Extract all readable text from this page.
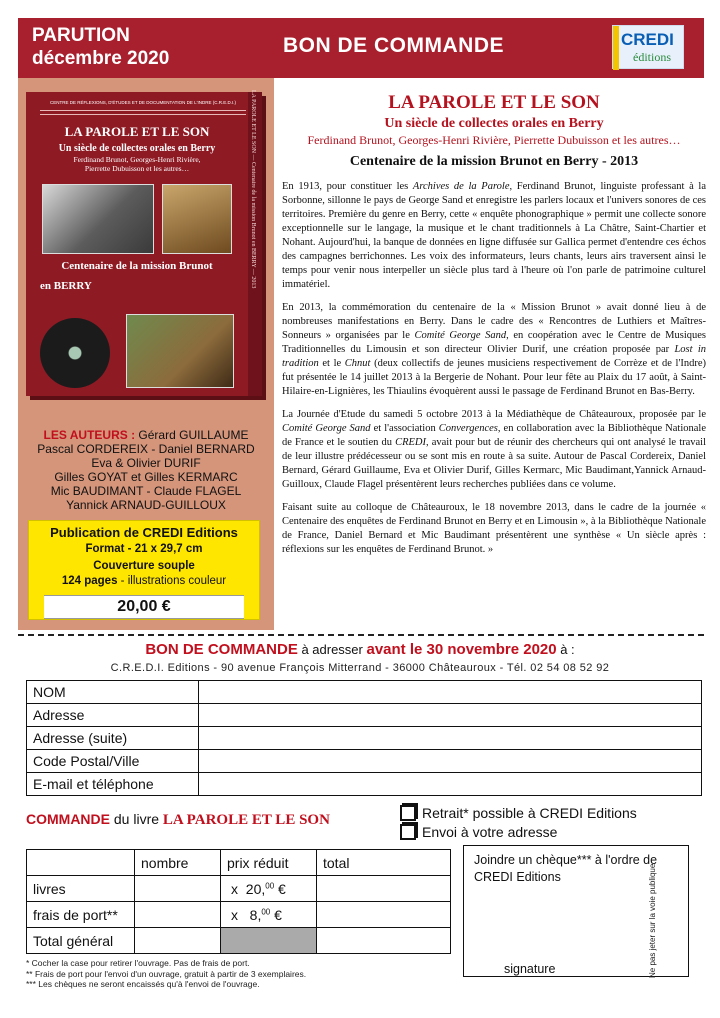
PARUTION
décembre 2020
BON DE COMMANDE	CREDI
éditions
LA PAROLE ET LE SON — Centenaire de la mission Brunot en BERRY — 2013
CENTRE DE RÉFLEXIONS, D'ÉTUDES ET DE DOCUMENTATION DE L'INDRE (C.R.E.D.I.)
LA PAROLE ET LE SON
Un siècle de collectes orales en Berry
Ferdinand Brunot, Georges-Henri Rivière,
Pierrette Dubuisson et les autres…
Centenaire de la mission Brunot
en BERRY
LES AUTEURS : Gérard GUILLAUME
Pascal CORDEREIX - Daniel BERNARD
Eva & Olivier DURIF
Gilles GOYAT et Gilles KERMARC
Mic BAUDIMANT - Claude FLAGEL
Yannick ARNAUD-GUILLOUX
Publication de CREDI Editions
Format - 21 x 29,7 cm
Couverture souple
124 pages - illustrations couleur
20,00 €
LA PAROLE ET LE SON
Un siècle de collectes orales en Berry
Ferdinand Brunot, Georges-Henri Rivière, Pierrette Dubuisson et les autres…
Centenaire de la mission Brunot en Berry - 2013

En 1913, pour constituer les Archives de la Parole, Ferdinand Brunot, linguiste professant à la Sorbonne, sillonne le pays de George Sand et enregistre les parlers locaux et l'univers sonores de ces territoires. Première du genre en Berry, cette « enquête phonographique » permit une collecte sonore exceptionnelle sur le langage, la musique et le chant traditionnels à La Châtre, Saint-Chartier et Nohant. Aujourd'hui, la banque de données en ligne diffusée sur Gallica permet d'entendre ces échos des campagnes berrichonnes. Les voix des informateurs, leurs chants, leurs airs traversent ainsi le temps pour venir nous interpeller un siècle plus tard à l'heure où l'on parle de patrimoine culturel immatériel.

En 2013, la commémoration du centenaire de la « Mission Brunot » avait donné lieu à de nombreuses manifestations en Berry. Dans le cadre des « Rencontres de Luthiers et Maîtres-Sonneurs » organisées par le Comité George Sand, en coopération avec le Centre de Musiques Traditionnelles du Limousin et son directeur Olivier Durif, une création proposée par Lost in tradition et le Chnut (deux collectifs de jeunes musiciens respectivement de Corrèze et de l'Indre) fut présentée le 14 juillet 2013 à la Bergerie de Nohant. Pour leur fête au Plaix du 17 août, à Saint-Hilaire-en-Lignières, les Thiaulins évoquèrent aussi le passage de Ferdinand Brunot en Bas-Berry.

La Journée d'Etude du samedi 5 octobre 2013 à la Médiathèque de Châteauroux, proposée par le Comité George Sand et l'association Convergences, en collaboration avec la Bibliothèque Nationale de France et le soutien du CREDI, avait pour but de réunir des chercheurs qui ont analysé le travail de leur illustre prédécesseur ou se sont mis en route à sa suite. Autour de Pascal Cordereix, Daniel Bernard, Gérard Guillaume, Eva et Olivier Durif, Gilles Kermarc, Mic Baudimant,Yannick Arnaud-Guilloux, Claude Flagel présentèrent leurs recherches publiées dans ce volume.

Faisant suite au colloque de Châteauroux, le 18 novembre 2013, dans le cadre de la journée « Centenaire des enquêtes de Ferdinand Brunot en Berry et en Limousin », à la Bibliothèque Nationale de France, Daniel Bernard et Mic Baudimant présentèrent une synthèse « Un siècle après : réflexions sur les enquêtes de Ferdinand Brunot. »

BON DE COMMANDE à adresser avant le 30 novembre 2020 à :
C.R.E.D.I. Editions - 90 avenue François Mitterrand - 36000 Châteauroux - Tél. 02 54 08 52 92
NOM	
Adresse	
Adresse (suite)	
Code Postal/Ville	
E-mail et téléphone	
COMMANDE du livre LA PAROLE ET LE SON	Retrait* possible à CREDI Editions
Envoi à votre adresse
	nombre	prix réduit	total
livres		x 20,00 €	
frais de port**		x 8,00 €	
Total général			
Joindre un chèque*** à l'ordre de CREDI Editions
signature	Ne pas jeter sur la voie publique
* Cocher la case pour retirer l'ouvrage. Pas de frais de port.
** Frais de port pour l'envoi d'un ouvrage, gratuit à partir de 3 exemplaires.
*** Les chèques ne seront encaissés qu'à l'envoi de l'ouvrage.
